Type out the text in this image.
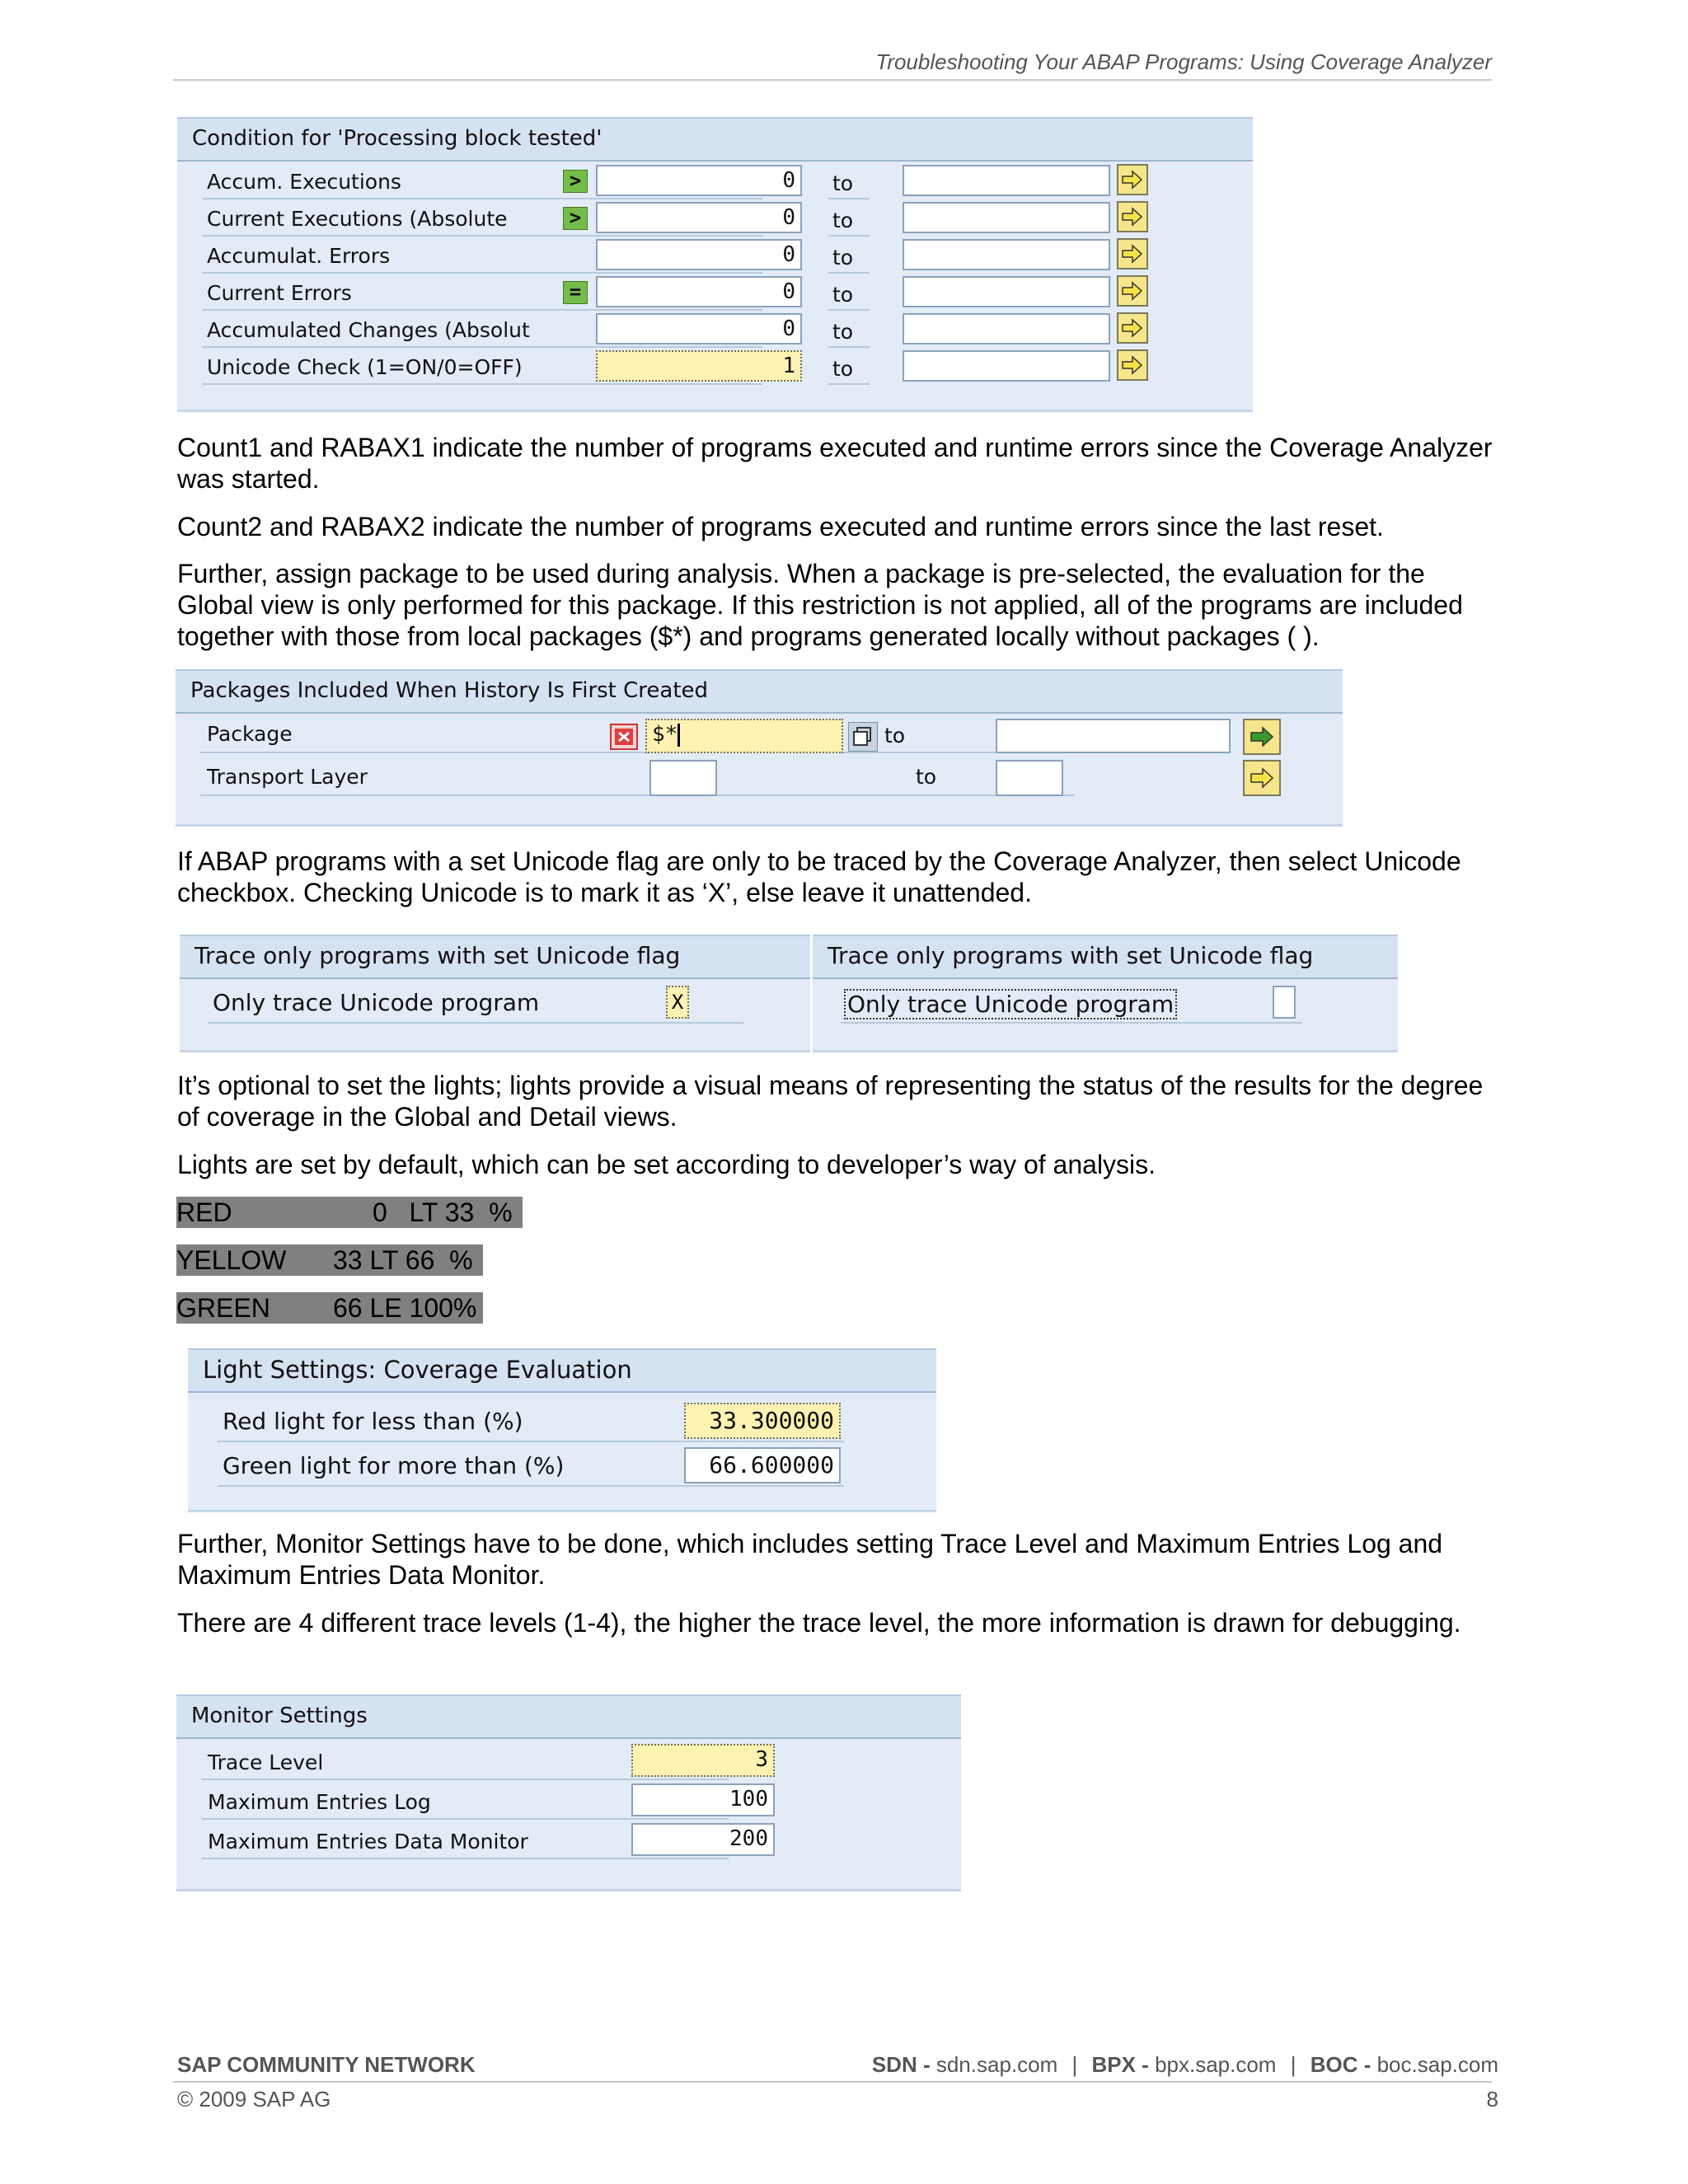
Troubleshooting Your ABAP Programs: Using Coverage Analyzer
Condition for 'Processing block tested'
Accum. Executions	>	0	to
Current Executions (Absolute	>	0	to
Accumulat. Errors	0	to
Current Errors	=	0	to
Accumulated Changes (Absolut	0	to
Unicode Check (1=ON/0=OFF)	1	to

Count1 and RABAX1 indicate the number of programs executed and runtime errors since the Coverage Analyzer was started.

Count2 and RABAX2 indicate the number of programs executed and runtime errors since the last reset.

Further, assign package to be used during analysis. When a package is pre-selected, the evaluation for the Global view is only performed for this package. If this restriction is not applied, all of the programs are included together with those from local packages ($*) and programs generated locally without packages ( ).

Packages Included When History Is First Created
Package	$*	to
Transport Layer	to

If ABAP programs with a set Unicode flag are only to be traced by the Coverage Analyzer, then select Unicode checkbox. Checking Unicode is to mark it as ‘X’, else leave it unattended.

Trace only programs with set Unicode flag
Only trace Unicode program	X
Trace only programs with set Unicode flag
Only trace Unicode program

It’s optional to set the lights; lights provide a visual means of representing the status of the results for the degree of coverage in the Global and Detail views.

Lights are set by default, which can be set according to developer’s way of analysis.

RED	0   LT 33  %
YELLOW 33 LT 66  %
GREEN 66 LE 100%
Light Settings: Coverage Evaluation
Red light for less than (%)	33.300000
Green light for more than (%)	66.600000

Further, Monitor Settings have to be done, which includes setting Trace Level and Maximum Entries Log and Maximum Entries Data Monitor.

There are 4 different trace levels (1-4), the higher the trace level, the more information is drawn for debugging.

Monitor Settings
Trace Level	3
Maximum Entries Log	100
Maximum Entries Data Monitor	200
SAP COMMUNITY NETWORK	SDN - sdn.sap.com | BPX - bpx.sap.com | BOC - boc.sap.com
© 2009 SAP AG	8
